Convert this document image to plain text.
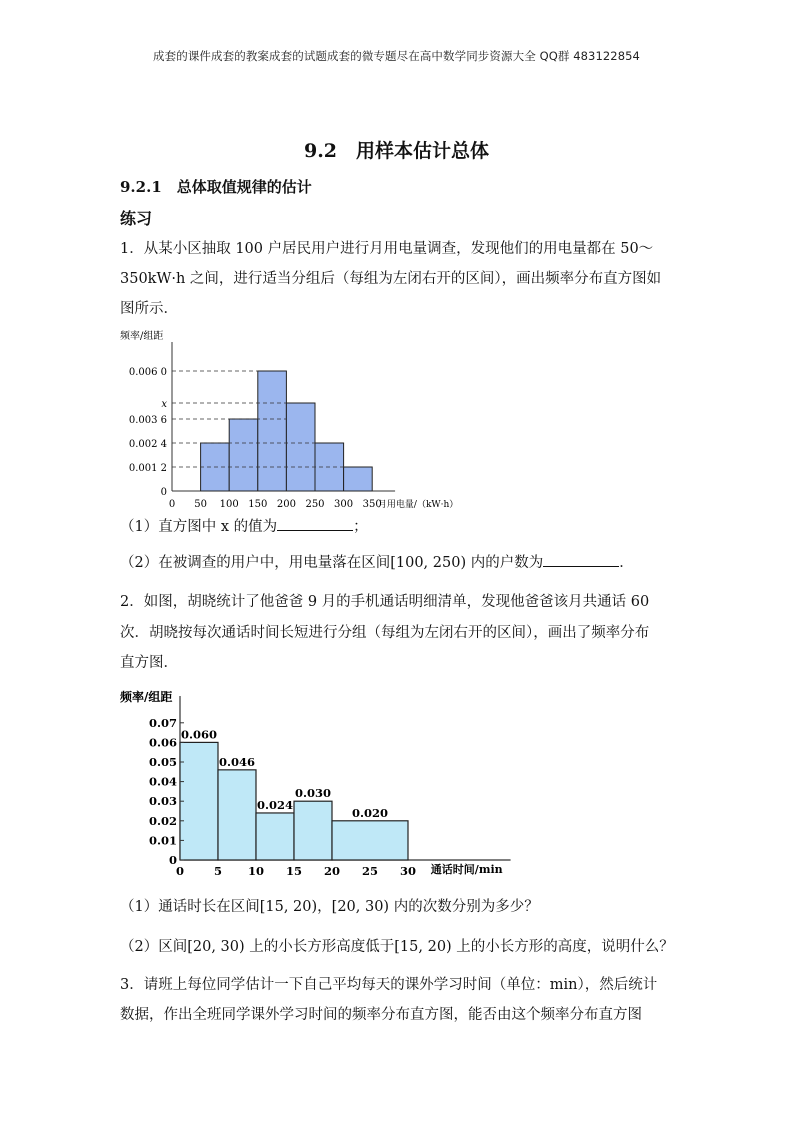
成套的课件成套的教案成套的试题成套的微专题尽在高中数学同步资源大全 QQ群 483122854
9.2　用样本估计总体
9.2.1　总体取值规律的估计
练习
1．从某小区抽取 100 户居民用户进行月用电量调查，发现他们的用电量都在 50～
350kW·h 之间，进行适当分组后（每组为左闭右开的区间），画出频率分布直方图如
图所示．
频率/组距
月用电量/（kW·h）
0
0.001 2
0.002 4
0.003 6
x
0.006 0
0 50 100 150 200 250 300 350
（1）直方图中 x 的值为	；
（2）在被调查的用户中，用电量落在区间[100, 250) 内的户数为	．
2．如图，胡晓统计了他爸爸 9 月的手机通话明细清单，发现他爸爸该月共通话 60
次．胡晓按每次通话时间长短进行分组（每组为左闭右开的区间），画出了频率分布
直方图．
频率/组距
通话时间/min
0.060
0.046
0.024
0.030
0.020
0
0.01
0.02
0.03
0.04
0.05
0.06
0.07
0	5 10 15 20 25 30
（1）通话时长在区间[15, 20)，[20, 30) 内的次数分别为多少？
（2）区间[20, 30) 上的小长方形高度低于[15, 20) 上的小长方形的高度，说明什么？
3．请班上每位同学估计一下自己平均每天的课外学习时间（单位：min），然后统计
数据，作出全班同学课外学习时间的频率分布直方图，能否由这个频率分布直方图
